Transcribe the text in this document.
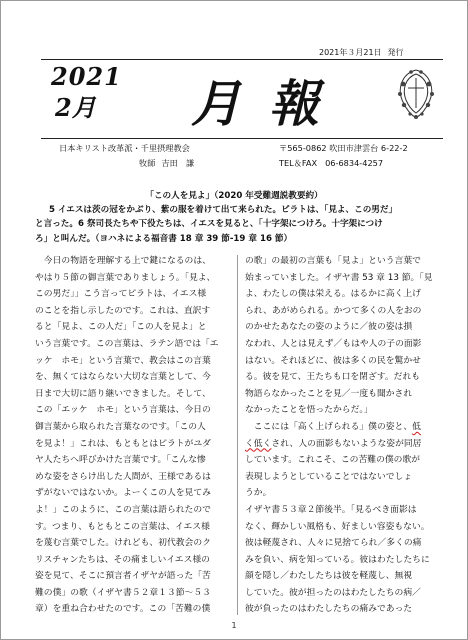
2021年３月21日 発行
2021
2月 月報
日本キリスト改革派・千里摂理教会
牧師 吉田　謙
〒565-0862 吹田市津雲台 6-22-2
TEL＆FAX 06-6834-4257
「この人を見よ」（2020 年受難週説教要約）
5 イエスは茨の冠をかぶり、紫の服を着けて出て来られた。ピラトは、「見よ、この男だ」
と言った。6 祭司長たちや下役たちは、イエスを見ると、「十字架につけろ。十字架につけ
ろ」と叫んだ。（ヨハネによる福音書 18 章 39 節-19 章 16 節）
　今日の物語を理解する上で鍵になるのは、
やはり５節の御言葉でありましょう。「見よ、
この男だ」」こう言ってピラトは、イエス様
のことを指し示したのです。これは、直訳す
ると「見よ、この人だ」「この人を見よ」と
いう言葉です。この言葉は、ラテン語では「エ
ッケ　ホモ」という言葉で、教会はこの言葉
を、無くてはならない大切な言葉として、今
日まで大切に語り継いできました。そして、
この「エッケ　ホモ」という言葉は、今日の
御言葉から取られた言葉なのです。「この人
を見よ！」これは、もともとはピラトがユダ
ヤ人たちへ呼びかけた言葉です。「こんな惨
めな姿をさらけ出した人間が、王様であるは
ずがないではないか。よーくこの人を見てみ
よ！」このように、この言葉は語られたので
す。つまり、もともとこの言葉は、イエス様
を蔑む言葉でした。けれども、初代教会のク
リスチャンたちは、その痛ましいイエス様の
姿を見て、そこに預言者イザヤが語った「苦
難の僕」の歌（イザヤ書５２章１３節～５３
章）を重ね合わせたのです。この「苦難の僕
の歌」の最初の言葉も「見よ」という言葉で
始まっていました。イザヤ書 53 章 13 節。「見
よ、わたしの僕は栄える。はるかに高く上げ
られ、あがめられる。かつて多くの人をおの
のかせたあなたの姿のように／彼の姿は損
なわれ、人とは見えず／もはや人の子の面影
はない。それほどに、彼は多くの民を驚かせ
る。彼を見て、王たちも口を閉ざす。だれも
物語らなかったことを見／一度も聞かされ
なかったことを悟ったからだ。」
　ここには「高く上げられる」僕の姿と、低
く低くされ、人の面影もないような姿が同居
しています。これこそ、この苦難の僕の歌が
表現しようとしていることではないでしょ
うか。
イザヤ書５３章２節後半。「見るべき面影は
なく、輝かしい風格も、好ましい容姿もない。
彼は軽蔑され、人々に見捨てられ／多くの痛
みを負い、病を知っている。彼はわたしたちに
顔を隠し／わたしたちは彼を軽蔑し、無視
していた。彼が担ったのはわたしたちの病／
彼が負ったのはわたしたちの痛みであった
1
